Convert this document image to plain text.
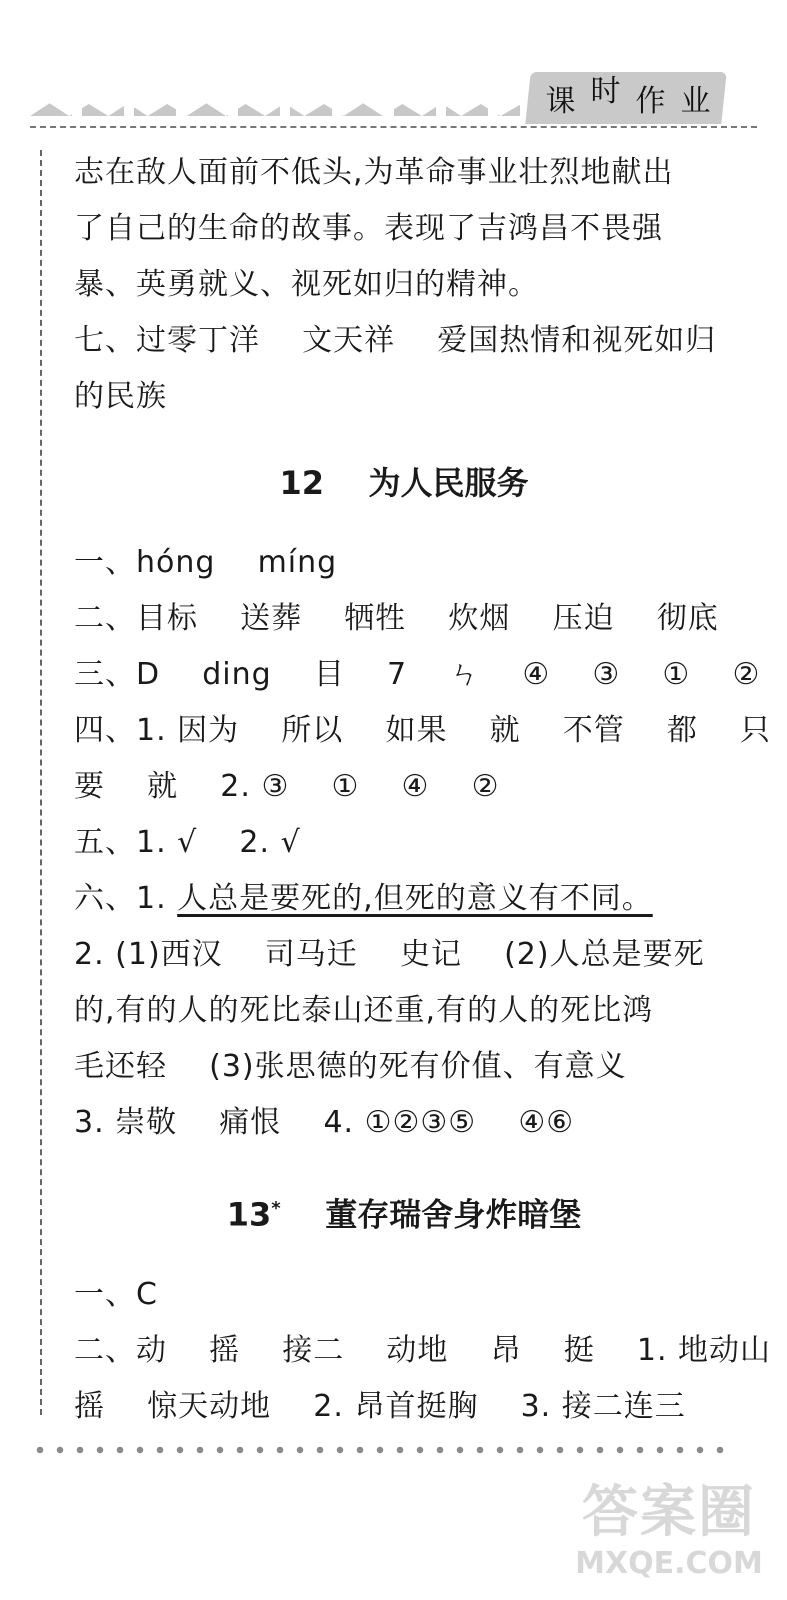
课 时 作 业
志在敌人面前不低头,为革命事业壮烈地献出
了自己的生命的故事。表现了吉鸿昌不畏强
暴、英勇就义、视死如归的精神。
七、过零丁洋    文天祥    爱国热情和视死如归
的民族
12    为人民服务
一、hóng    míng
二、目标    送葬    牺牲    炊烟    压迫    彻底
三、D    ding    目    7    ㄣ    ④    ③    ①    ②
四、1. 因为    所以    如果    就    不管    都    只
要    就    2. ③    ①    ④    ②
五、1. √    2. √
六、1. 人总是要死的,但死的意义有不同。
2. (1)西汉    司马迁    史记    (2)人总是要死
的,有的人的死比泰山还重,有的人的死比鸿
毛还轻    (3)张思德的死有价值、有意义
3. 崇敬    痛恨    4. ①②③⑤    ④⑥
13*    董存瑞舍身炸暗堡
一、C
二、动    摇    接二    动地    昂    挺    1. 地动山
摇    惊天动地    2. 昂首挺胸    3. 接二连三
答案圈
MXQE.COM
